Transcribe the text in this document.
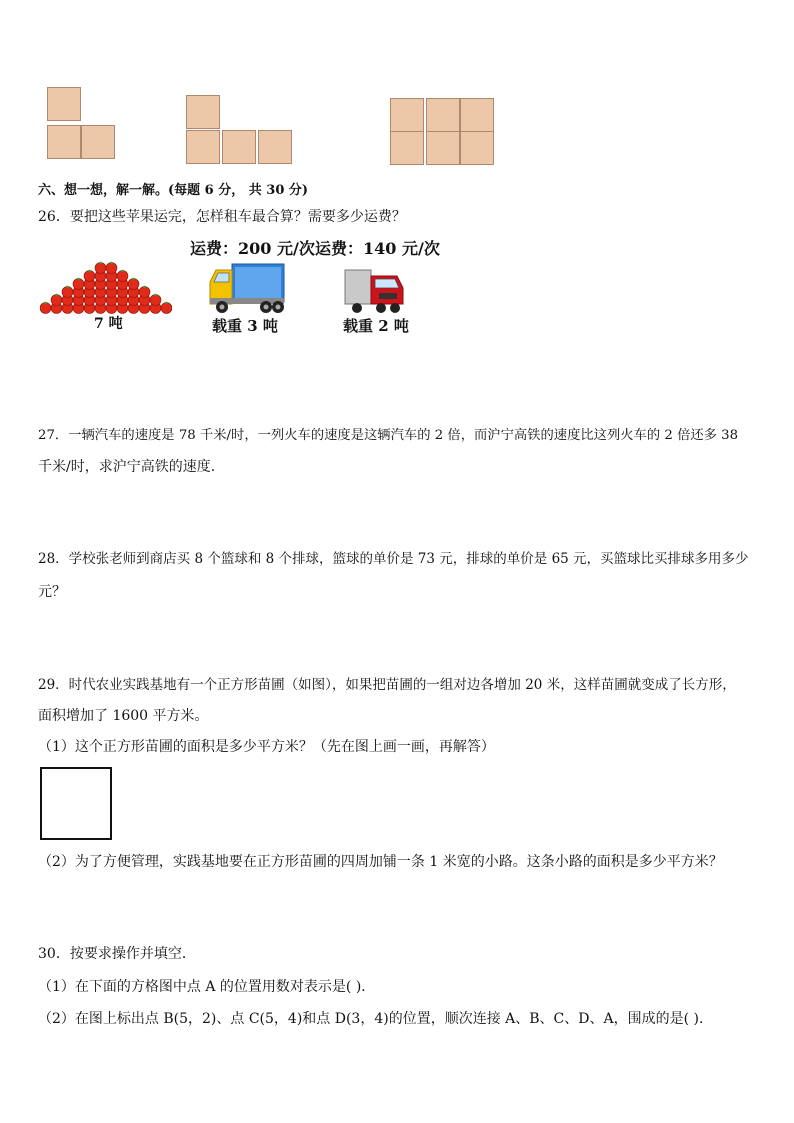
六、想一想，解一解。(每题 6 分， 共 30 分)
26．要把这些苹果运完，怎样租车最合算？需要多少运费？
运费：200 元/次 运费：140 元/次
7 吨	载重 3 吨	载重 2 吨
27．一辆汽车的速度是 78 千米/时，一列火车的速度是这辆汽车的 2 倍，而沪宁高铁的速度比这列火车的 2 倍还多 38
千米/时，求沪宁高铁的速度．
28．学校张老师到商店买 8 个篮球和 8 个排球，篮球的单价是 73 元，排球的单价是 65 元，买篮球比买排球多用多少
元？
29．时代农业实践基地有一个正方形苗圃（如图），如果把苗圃的一组对边各增加 20 米，这样苗圃就变成了长方形，
面积增加了 1600 平方米。
（1）这个正方形苗圃的面积是多少平方米？（先在图上画一画，再解答）
（2）为了方便管理，实践基地要在正方形苗圃的四周加铺一条 1 米宽的小路。这条小路的面积是多少平方米？
30．按要求操作并填空．
（1）在下面的方格图中点 A 的位置用数对表示是( )．
（2）在图上标出点 B(5，2)、点 C(5，4)和点 D(3，4)的位置，顺次连接 A、B、C、D、A，围成的是( )．
